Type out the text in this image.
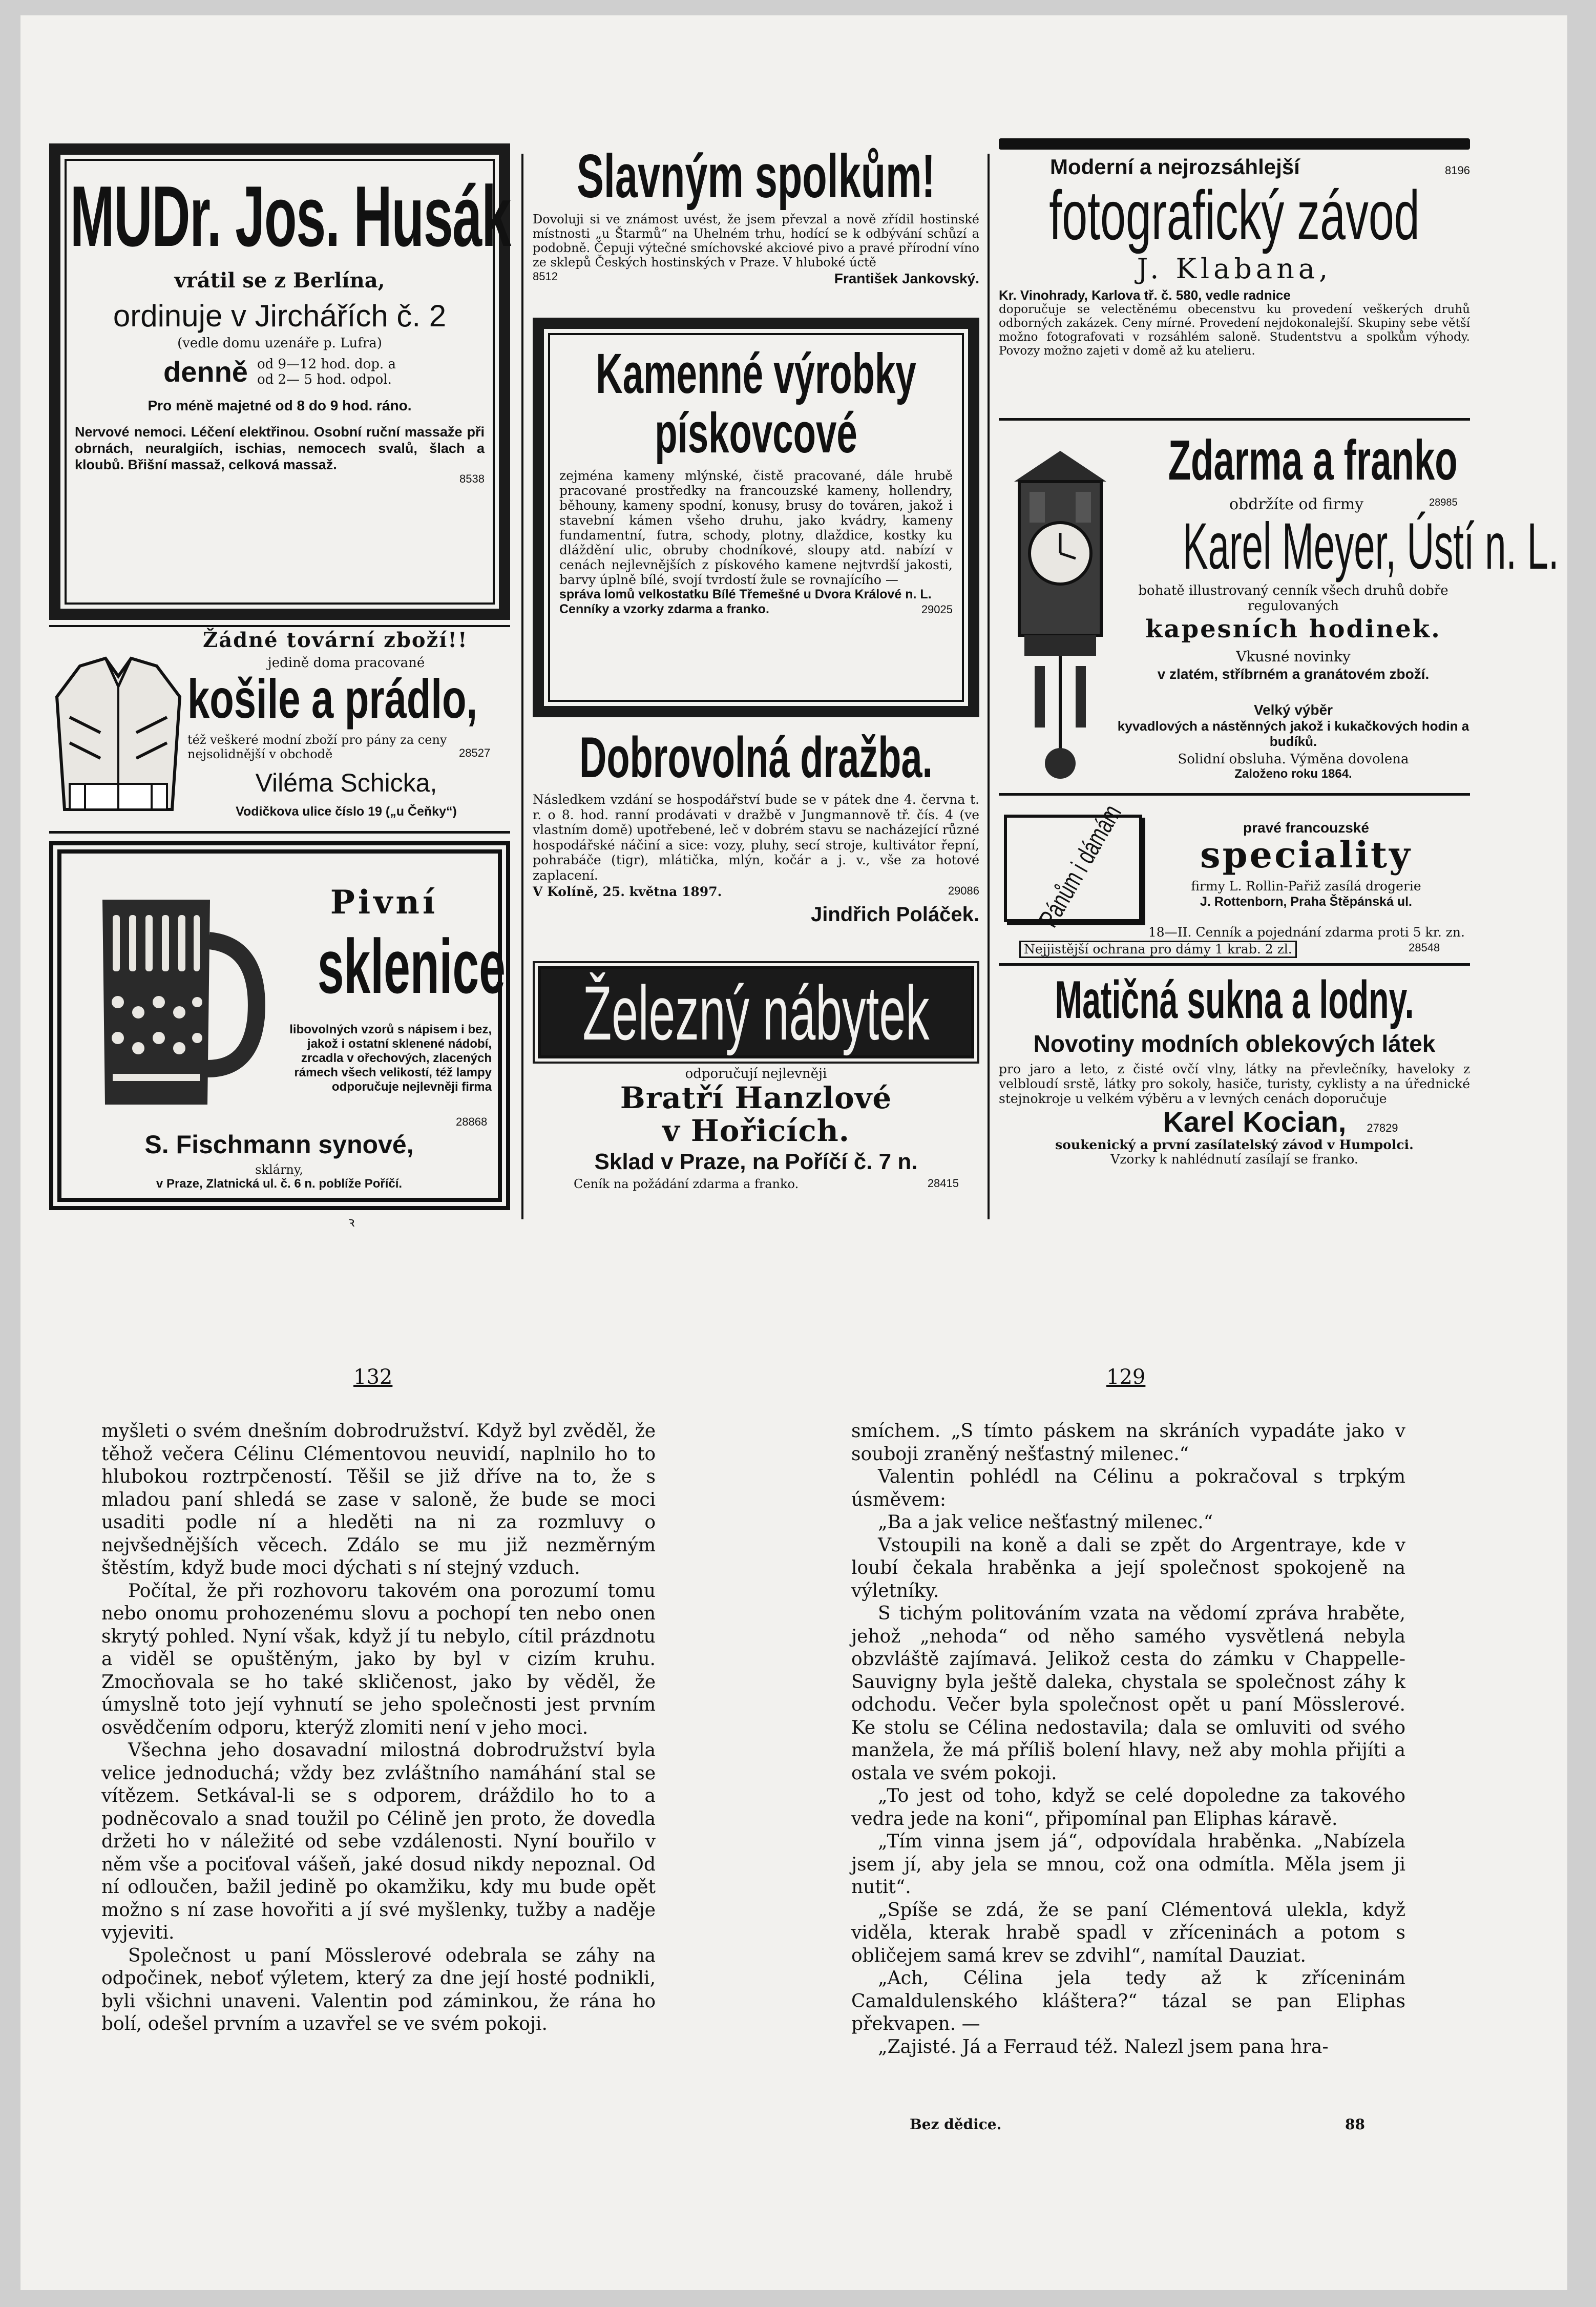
MUDr. Jos. Husák
vrátil se z Berlína,
ordinuje v Jirchářích č. 2
(vedle domu uzenáře p. Lufra)
denně od 9—12 hod. dop. a
od 2— 5 hod. odpol.
Pro méně majetné od 8 do 9 hod. ráno.
Nervové nemoci. Léčení elektřinou. Osobní ruční massaže při obrnách, neuralgiích, ischias, nemocech svalů, šlach a kloubů. Břišní massaž, celková massaž.
8538
Žádné tovární zboží!!
jedině doma pracované
košile a prádlo,
též veškeré modní zboží pro pány za ceny nejsolidnější v obchodě	28527
Viléma Schicka,
Vodičkova ulice číslo 19 („u Čeňky“)
Pivní
sklenice
libovolných vzorů s nápisem i bez, jakož i ostatní sklenené nádobí, zrcadla v ořechových, zlacených rámech všech velikostí, též lampy odporučuje nejlevněji firma
28868
S. Fischmann synové,
sklárny,
v Praze, Zlatnická ul. č. 6 n. poblíže Poříčí.
Slavným spolkům!
Dovoluji si ve známost uvést, že jsem převzal a nově zřídil hostinské místnosti „u Štarmů“ na Uhelném trhu, hodící se k odbývání schůzí a podobně. Čepuji výtečné smíchovské akciové pivo a pravé přírodní víno ze sklepů Českých hostinských v Praze. V hluboké úctě
8512	František Jankovský.
Kamenné výrobky
pískovcové
zejména kameny mlýnské, čistě pracované, dále hrubě pracované prostředky na francouzské kameny, hollendry, běhouny, kameny spodní, konusy, brusy do továren, jakož i stavební kámen všeho druhu, jako kvádry, kameny fundamentní, futra, schody, plotny, dlaždice, kostky ku dláždění ulic, obruby chodníkové, sloupy atd. nabízí v cenách nejlevnějších z pískového kamene nejtvrdší jakosti, barvy úplně bílé, svojí tvrdostí žule se rovnajícího —
správa lomů velkostatku Bílé Třemešné u Dvora Králové n. L. Cenníky a vzorky zdarma a franko.	29025
Dobrovolná dražba.
Následkem vzdání se hospodářství bude se v pátek dne 4. června t. r. o 8. hod. ranní prodávati v dražbě v Jungmannově tř. čís. 4 (ve vlastním domě) upotřebené, leč v dobrém stavu se nacházející různé hospodářské náčiní a sice: vozy, pluhy, secí stroje, kultivátor řepní, pohrabáče (tigr), mlátička, mlýn, kočár a j. v., vše za hotové zaplacení.
V Kolíně, 25. května 1897.	29086
Jindřich Poláček.
Železný nábytek
odporučují nejlevněji
Bratří Hanzlové
v Hořicích.
Sklad v Praze, na Poříčí č. 7 n.
Ceník na požádání zdarma a franko.	28415
Moderní a nejrozsáhlejší	8196
fotografický závod
J. Klabana,
Kr. Vinohrady, Karlova tř. č. 580, vedle radnice
doporučuje se velectěnému obecenstvu ku provedení veškerých druhů odborných zakázek. Ceny mírné. Provedení nejdokonalejší. Skupiny sebe větší možno fotografovati v rozsáhlém saloně. Studentstvu a spolkům výhody. Povozy možno zajeti v domě až ku atelieru.
Zdarma a franko
obdržíte od firmy	28985
Karel Meyer, Ústí n. L.
bohatě illustrovaný cenník všech druhů dobře regulovaných
kapesních hodinek.
Vkusné novinky
v zlatém, stříbrném a granátovém zboží.
Velký výběr
kyvadlových a nástěnných jakož i kukačkových hodin a budíků.
Solidní obsluha. Výměna dovolena
Založeno roku 1864.
Pánům i dámám	pravé francouzské
speciality
firmy L. Rollin-Pařiž zasílá drogerie
J. Rottenborn, Praha Štěpánská ul.
18—II. Cenník a pojednání zdarma proti 5 kr. zn.
Nejjistější ochrana pro dámy 1 krab. 2 zl.	28548
Matičná sukna a lodny.
Novotiny modních oblekových látek
pro jaro a leto, z čisté ovčí vlny, látky na převlečníky, haveloky z velbloudí srstě, látky pro sokoly, hasiče, turisty, cyklisty a na úřednické stejnokroje u velkém výběru a v levných cenách doporučuje
Karel Kocian, 27829
soukenický a první zasílatelský závod v Humpolci.
Vzorky k nahlédnutí zasílají se franko.
ꝛ
132	129

myšleti o svém dnešním dobrodružství. Když byl zvěděl, že těhož večera Célinu Clémentovou neuvidí, naplnilo ho to hlubokou roztrpčeností. Těšil se již dříve na to, že s mladou paní shledá se zase v saloně, že bude se moci usaditi podle ní a hleděti na ni za rozmluvy o nejvšednějších věcech. Zdálo se mu již nezměrným štěstím, když bude moci dýchati s ní stejný vzduch.

Počítal, že při rozhovoru takovém ona porozumí tomu nebo onomu prohozenému slovu a pochopí ten nebo onen skrytý pohled. Nyní však, když jí tu nebylo, cítil prázdnotu a viděl se opuštěným, jako by byl v cizím kruhu. Zmocňovala se ho také skličenost, jako by věděl, že úmyslně toto její vyhnutí se jeho společnosti jest prvním osvědčením odporu, kterýž zlomiti není v jeho moci.

Všechna jeho dosavadní milostná dobrodružství byla velice jednoduchá; vždy bez zvláštního namáhání stal se vítězem. Setkával-li se s odporem, dráždilo ho to a podněcovalo a snad toužil po Célině jen proto, že dovedla držeti ho v náležité od sebe vzdálenosti. Nyní bouřilo v něm vše a pociťoval vášeň, jaké dosud nikdy nepoznal. Od ní odloučen, bažil jedině po okamžiku, kdy mu bude opět možno s ní zase hovořiti a jí své myšlenky, tužby a naděje vyjeviti.

Společnost u paní Mösslerové odebrala se záhy na odpočinek, neboť výletem, který za dne její hosté podnikli, byli všichni unaveni. Valentin pod záminkou, že rána ho bolí, odešel prvním a uzavřel se ve svém pokoji.

smíchem. „S tímto páskem na skráních vypadáte jako v souboji zraněný nešťastný milenec.“

Valentin pohlédl na Célinu a pokračoval s trpkým úsměvem:

„Ba a jak velice nešťastný milenec.“

Vstoupili na koně a dali se zpět do Argentraye, kde v loubí čekala hraběnka a její společnost spokojeně na výletníky.

S tichým politováním vzata na vědomí zpráva hraběte, jehož „nehoda“ od něho samého vysvětlená nebyla obzvláště zajímavá. Jelikož cesta do zámku v Chappelle-Sauvigny byla ještě daleka, chystala se společnost záhy k odchodu. Večer byla společnost opět u paní Mösslerové. Ke stolu se Célina nedostavila; dala se omluviti od svého manžela, že má příliš bolení hlavy, než aby mohla přijíti a ostala ve svém pokoji.

„To jest od toho, když se celé dopoledne za takového vedra jede na koni“, připomínal pan Eliphas káravě.

„Tím vinna jsem já“, odpovídala hraběnka. „Nabízela jsem jí, aby jela se mnou, což ona odmítla. Měla jsem ji nutit“.

„Spíše se zdá, že se paní Clémentová ulekla, když viděla, kterak hrabě spadl v zříceninách a potom s obličejem samá krev se zdvihl“, namítal Dauziat.

„Ach, Célina jela tedy až k zříceninám Camaldulenského kláštera?“ tázal se pan Eliphas překvapen. —

„Zajisté. Já a Ferraud též. Nalezl jsem pana hra-

Bez dědice.	88
